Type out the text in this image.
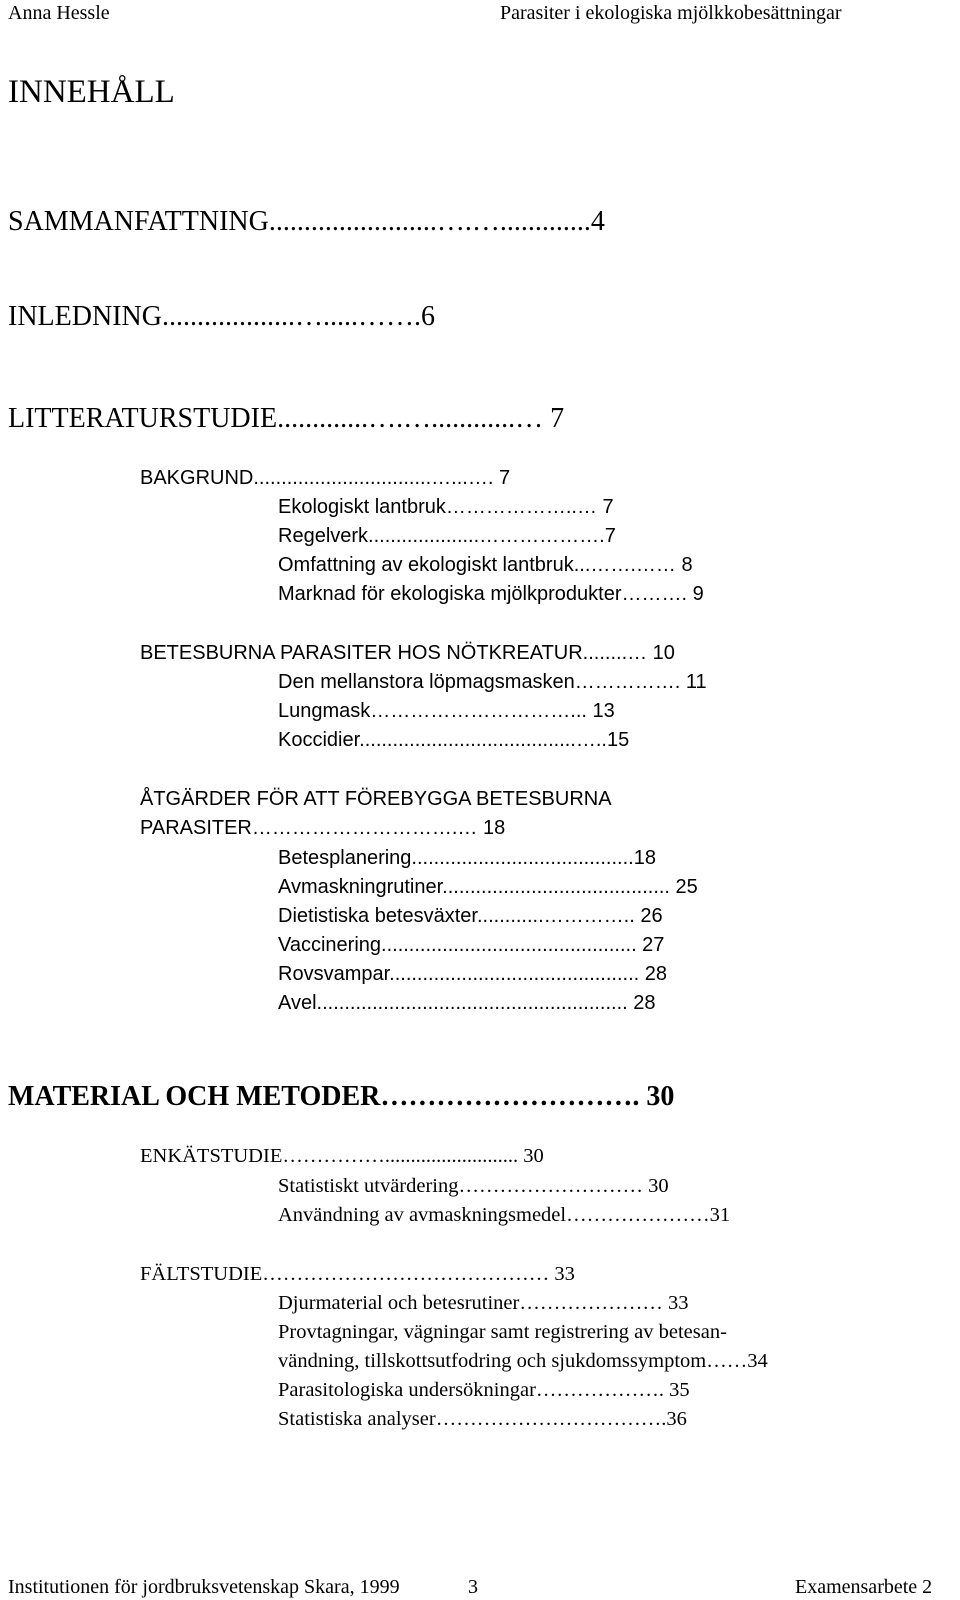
Anna Hessle	Parasiter i ekologiska mjölkkobesättningar
INNEHÅLL
SAMMANFATTNING........................….….............4
INLEDNING...................….....…….6
LITTERATURSTUDIE.............….…............… 7
BAKGRUND................................…...…. 7
Ekologiskt lantbruk………………..… 7
Regelverk....................……………….7
Omfattning av ekologiskt lantbruk...…….…… 8
Marknad för ekologiska mjölkprodukter………. 9
BETESBURNA PARASITER HOS NÖTKREATUR........… 10
Den mellanstora löpmagsmasken……………. 11
Lungmask…………………………... 13
Koccidier.......................................…..15
ÅTGÄRDER FÖR ATT FÖREBYGGA BETESBURNA
PARASITER………………………….… 18
Betesplanering........................................18
Avmaskningrutiner......................................... 25
Dietistiska betesväxter............………….. 26
Vaccinering.............................................. 27
Rovsvampar............................................. 28
Avel........................................................ 28
MATERIAL OCH METODER………………………. 30
ENKÄTSTUDIE…………….......................... 30
Statistiskt utvärdering……………………… 30
Användning av avmaskningsmedel…………………31
FÄLTSTUDIE…………………………………… 33
Djurmaterial och betesrutiner………………… 33
Provtagningar, vägningar samt registrering av betesan-
vändning, tillskottsutfodring och sjukdomssymptom……34
Parasitologiska undersökningar………………. 35
Statistiska analyser…………………………….36
Institutionen för jordbruksvetenskap Skara, 1999	3	Examensarbete 2
